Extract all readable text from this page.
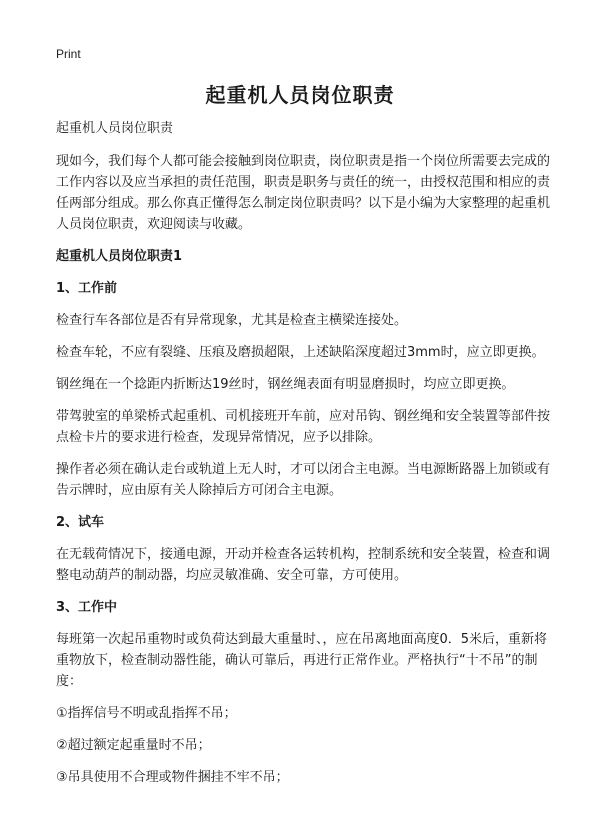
Print
起重机人员岗位职责

起重机人员岗位职责

现如今，我们每个人都可能会接触到岗位职责，岗位职责是指一个岗位所需要去完成的工作内容以及应当承担的责任范围，职责是职务与责任的统一，由授权范围和相应的责任两部分组成。那么你真正懂得怎么制定岗位职责吗？以下是小编为大家整理的起重机人员岗位职责，欢迎阅读与收藏。

起重机人员岗位职责1
1、工作前

检查行车各部位是否有异常现象，尤其是检查主横梁连接处。

检查车轮，不应有裂缝、压痕及磨损超限，上述缺陷深度超过3mm时，应立即更换。

钢丝绳在一个捻距内折断达19丝时，钢丝绳表面有明显磨损时，均应立即更换。

带驾驶室的单梁桥式起重机、司机接班开车前，应对吊钩、钢丝绳和安全装置等部件按点检卡片的要求进行检查，发现异常情况，应予以排除。

操作者必须在确认走台或轨道上无人时，才可以闭合主电源。当电源断路器上加锁或有告示牌时，应由原有关人除掉后方可闭合主电源。

2、试车

在无载荷情况下，接通电源，开动并检查各运转机构，控制系统和安全装置，检查和调整电动葫芦的制动器，均应灵敏准确、安全可靠，方可使用。

3、工作中

每班第一次起吊重物时或负荷达到最大重量时、，应在吊离地面高度0．5米后，重新将重物放下，检查制动器性能，确认可靠后，再进行正常作业。严格执行“十不吊”的制度：

①指挥信号不明或乱指挥不吊；

②超过额定起重量时不吊；

③吊具使用不合理或物件捆挂不牢不吊；
